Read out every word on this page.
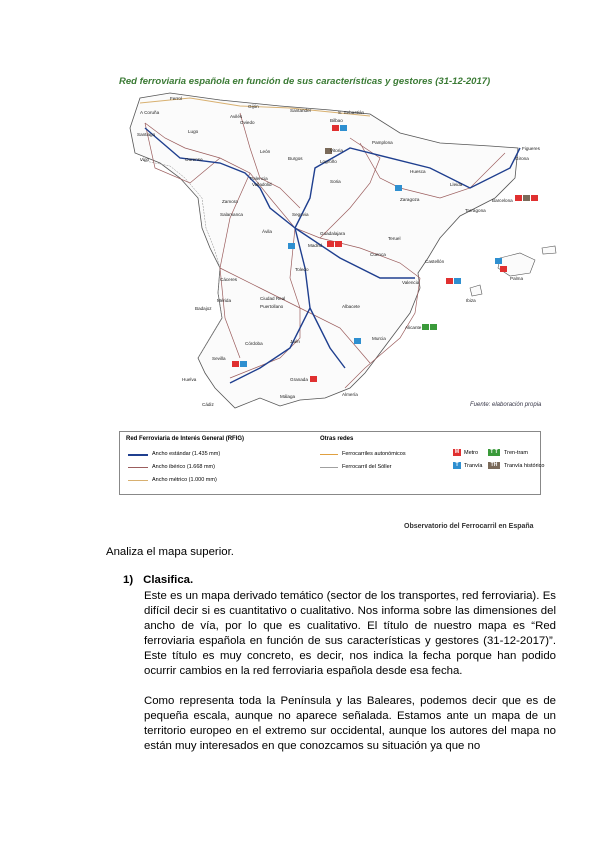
Red ferroviaria española en función de sus características y gestores (31-12-2017)
A Coruña
Ferrol
Santiago
Lugo
Oviedo
Gijón
Avilés
Santander
Bilbao
S. Sebastián
Vitoria
Pamplona
León
Burgos
Logroño
Ourense
Vigo
Palencia
Valladolid
Soria
Huesca
Lleida
Girona
Figueres
Barcelona
Tarragona
Zaragoza
Zamora
Salamanca	Segovia
Ávila
Madrid
Guadalajara
Toledo
Cuenca
Teruel
Castellón
Valencia
Alicante
Murcia
Albacete
Cáceres
Badajoz
Mérida	Ciudad Real
Puertollano
Córdoba	Jaén
Sevilla
Huelva
Cádiz
Málaga
Granada
Almería
Palma
Ibiza
Fuente: elaboración propia
Red Ferroviaria de Interés General (RFIG)
Ancho estándar (1.435 mm)
Ancho ibérico (1.668 mm)
Ancho métrico (1.000 mm)
Otras redes
Ferrocarriles autonómicos
Ferrocarril del Sóller
M Metro
T Tranvía
T T	Tren-tram
TH	Tranvía histórico
Observatorio del Ferrocarril en España
Analiza el mapa superior.
1) Clasifica.
Este es un mapa derivado temático (sector de los transportes, red ferroviaria). Es difícil decir si es cuantitativo o cualitativo. Nos informa sobre las dimensiones del ancho de vía, por lo que es cualitativo. El título de nuestro mapa es “Red ferroviaria española en función de sus características y gestores (31-12-2017)”. Este título es muy concreto, es decir, nos indica la fecha porque han podido ocurrir cambios en la red ferroviaria española desde esa fecha.
Como representa toda la Península y las Baleares, podemos decir que es de pequeña escala, aunque no aparece señalada. Estamos ante un mapa de un territorio europeo en el extremo sur occidental, aunque los autores del mapa no están muy interesados en que conozcamos su situación ya que no
